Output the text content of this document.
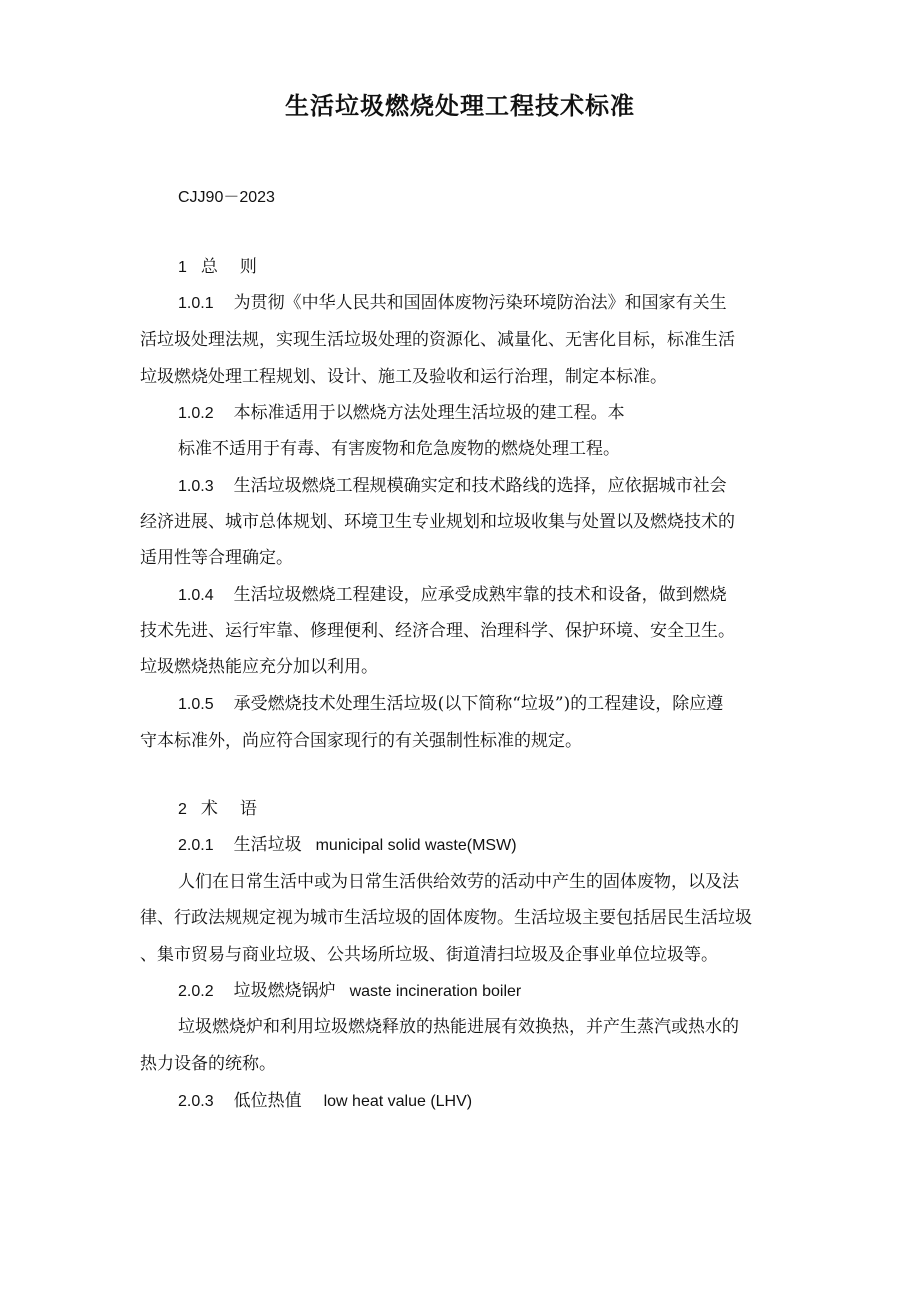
生活垃圾燃烧处理工程技术标准
CJJ90－2023
1 总 则
1.0.1 为贯彻《中华人民共和国固体废物污染环境防治法》和国家有关生
活垃圾处理法规，实现生活垃圾处理的资源化、减量化、无害化目标，标准生活
垃圾燃烧处理工程规划、设计、施工及验收和运行治理，制定本标准。
1.0.2 本标准适用于以燃烧方法处理生活垃圾的建工程。本
标准不适用于有毒、有害废物和危急废物的燃烧处理工程。
1.0.3 生活垃圾燃烧工程规模确实定和技术路线的选择，应依据城市社会
经济进展、城市总体规划、环境卫生专业规划和垃圾收集与处置以及燃烧技术的
适用性等合理确定。
1.0.4 生活垃圾燃烧工程建设，应承受成熟牢靠的技术和设备，做到燃烧
技术先进、运行牢靠、修理便利、经济合理、治理科学、保护环境、安全卫生。
垃圾燃烧热能应充分加以利用。
1.0.5 承受燃烧技术处理生活垃圾(以下简称“垃圾”)的工程建设，除应遵
守本标准外，尚应符合国家现行的有关强制性标准的规定。
2 术 语
2.0.1 生活垃圾 municipal solid waste(MSW)
人们在日常生活中或为日常生活供给效劳的活动中产生的固体废物，以及法
律、行政法规规定视为城市生活垃圾的固体废物。生活垃圾主要包括居民生活垃圾
、集市贸易与商业垃圾、公共场所垃圾、街道清扫垃圾及企事业单位垃圾等。
2.0.2 垃圾燃烧锅炉 waste incineration boiler
垃圾燃烧炉和利用垃圾燃烧释放的热能进展有效换热，并产生蒸汽或热水的
热力设备的统称。
2.0.3 低位热值 low heat value (LHV)
